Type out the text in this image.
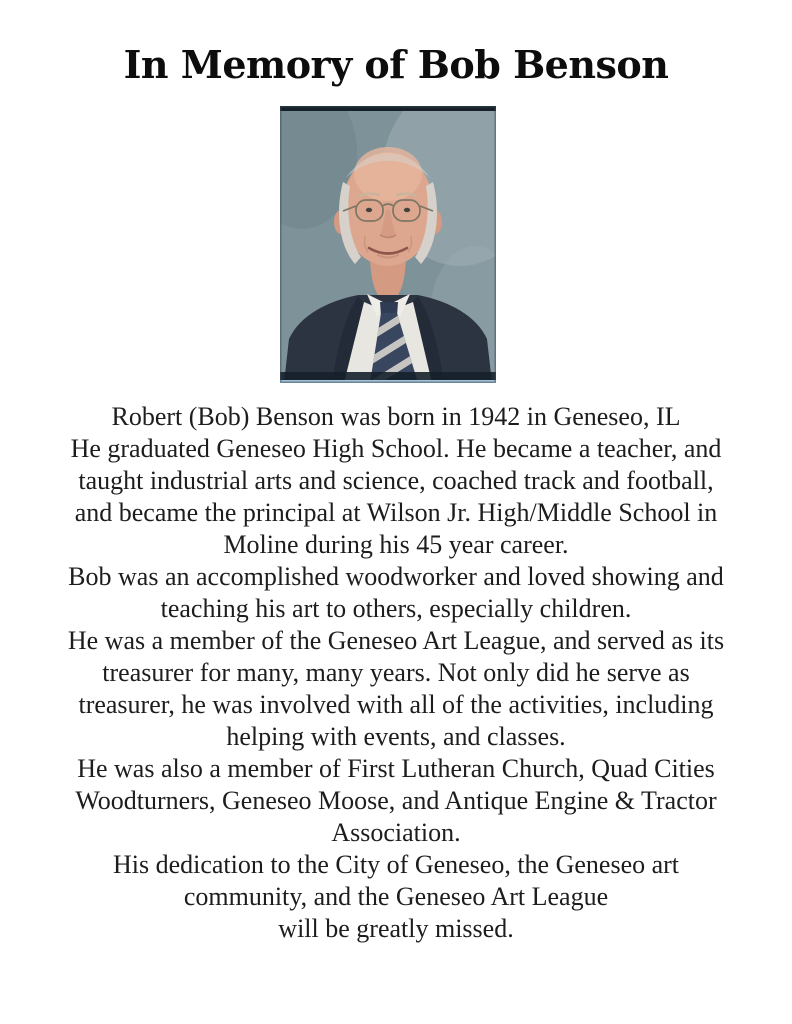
In Memory of Bob Benson

Robert (Bob) Benson was born in 1942 in Geneseo, IL

He graduated Geneseo High School. He became a teacher, and

taught industrial arts and science, coached track and football,

and became the principal at Wilson Jr. High/Middle School in

Moline during his 45 year career.

Bob was an accomplished woodworker and loved showing and

teaching his art to others, especially children.

He was a member of the Geneseo Art League, and served as its

treasurer for many, many years. Not only did he serve as

treasurer, he was involved with all of the activities, including

helping with events, and classes.

He was also a member of First Lutheran Church, Quad Cities

Woodturners, Geneseo Moose, and Antique Engine & Tractor

Association.

His dedication to the City of Geneseo, the Geneseo art

community, and the Geneseo Art League

will be greatly missed.
